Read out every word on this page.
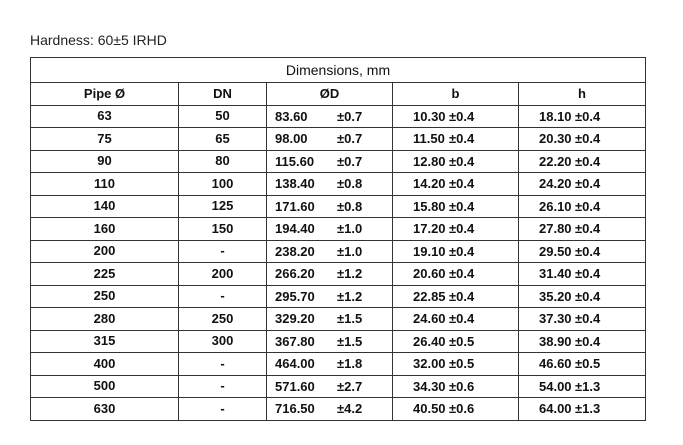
Hardness: 60±5 IRHD
Dimensions, mm				
Pipe Ø	DN	ØD	b	h
63	50	83.60 ±0.7	10.30 ±0.4	18.10 ±0.4

75	65	98.00 ±0.7	11.50 ±0.4	20.30 ±0.4

90	80	115.60 ±0.7	12.80 ±0.4	22.20 ±0.4

110	100	138.40 ±0.8	14.20 ±0.4	24.20 ±0.4

140	125	171.60 ±0.8	15.80 ±0.4	26.10 ±0.4

160	150	194.40 ±1.0	17.20 ±0.4	27.80 ±0.4

200	-	238.20 ±1.0	19.10 ±0.4	29.50 ±0.4

225	200	266.20 ±1.2	20.60 ±0.4	31.40 ±0.4

250	-	295.70 ±1.2	22.85 ±0.4	35.20 ±0.4

280	250	329.20 ±1.5	24.60 ±0.4	37.30 ±0.4

315	300	367.80 ±1.5	26.40 ±0.5	38.90 ±0.4

400	-	464.00 ±1.8	32.00 ±0.5	46.60 ±0.5

500	-	571.60 ±2.7	34.30 ±0.6	54.00 ±1.3

630	-	716.50 ±4.2	40.50 ±0.6	64.00 ±1.3
